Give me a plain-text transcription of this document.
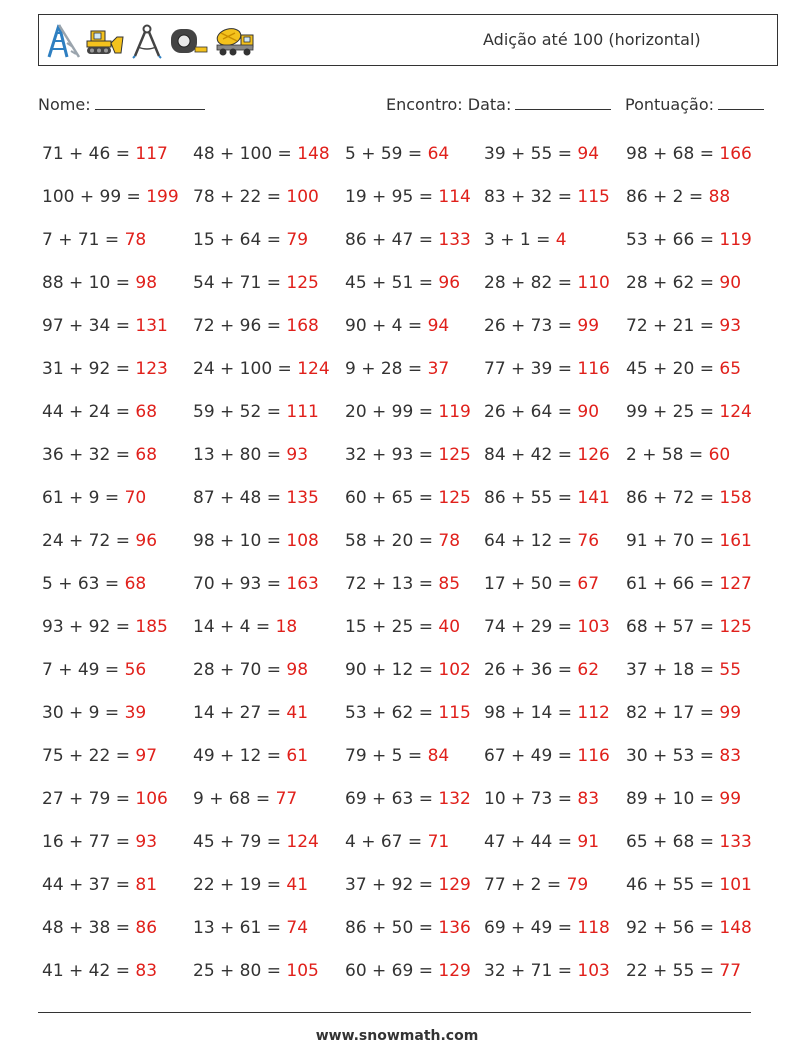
Adição até 100 (horizontal)
Nome:	Encontro: Data:	Pontuação:
71 + 46 = 117 48 + 100 = 148 5 + 59 = 64 39 + 55 = 94 98 + 68 = 166
100 + 99 = 199 78 + 22 = 100 19 + 95 = 114 83 + 32 = 115 86 + 2 = 88
7 + 71 = 78	15 + 64 = 79 86 + 47 = 133 3 + 1 = 4	53 + 66 = 119
88 + 10 = 98 54 + 71 = 125 45 + 51 = 96 28 + 82 = 110 28 + 62 = 90
97 + 34 = 131 72 + 96 = 168 90 + 4 = 94 26 + 73 = 99 72 + 21 = 93
31 + 92 = 123 24 + 100 = 124 9 + 28 = 37 77 + 39 = 116 45 + 20 = 65
44 + 24 = 68 59 + 52 = 111 20 + 99 = 119 26 + 64 = 90 99 + 25 = 124
36 + 32 = 68 13 + 80 = 93 32 + 93 = 125 84 + 42 = 126 2 + 58 = 60
61 + 9 = 70	87 + 48 = 135 60 + 65 = 125 86 + 55 = 141 86 + 72 = 158
24 + 72 = 96 98 + 10 = 108 58 + 20 = 78 64 + 12 = 76 91 + 70 = 161
5 + 63 = 68	70 + 93 = 163 72 + 13 = 85 17 + 50 = 67 61 + 66 = 127
93 + 92 = 185 14 + 4 = 18	15 + 25 = 40 74 + 29 = 103 68 + 57 = 125
7 + 49 = 56	28 + 70 = 98 90 + 12 = 102 26 + 36 = 62 37 + 18 = 55
30 + 9 = 39	14 + 27 = 41 53 + 62 = 115 98 + 14 = 112 82 + 17 = 99
75 + 22 = 97 49 + 12 = 61 79 + 5 = 84 67 + 49 = 116 30 + 53 = 83
27 + 79 = 106 9 + 68 = 77	69 + 63 = 132 10 + 73 = 83 89 + 10 = 99
16 + 77 = 93 45 + 79 = 124 4 + 67 = 71 47 + 44 = 91 65 + 68 = 133
44 + 37 = 81 22 + 19 = 41 37 + 92 = 129 77 + 2 = 79 46 + 55 = 101
48 + 38 = 86 13 + 61 = 74 86 + 50 = 136 69 + 49 = 118 92 + 56 = 148
41 + 42 = 83 25 + 80 = 105 60 + 69 = 129 32 + 71 = 103 22 + 55 = 77
www.snowmath.com
